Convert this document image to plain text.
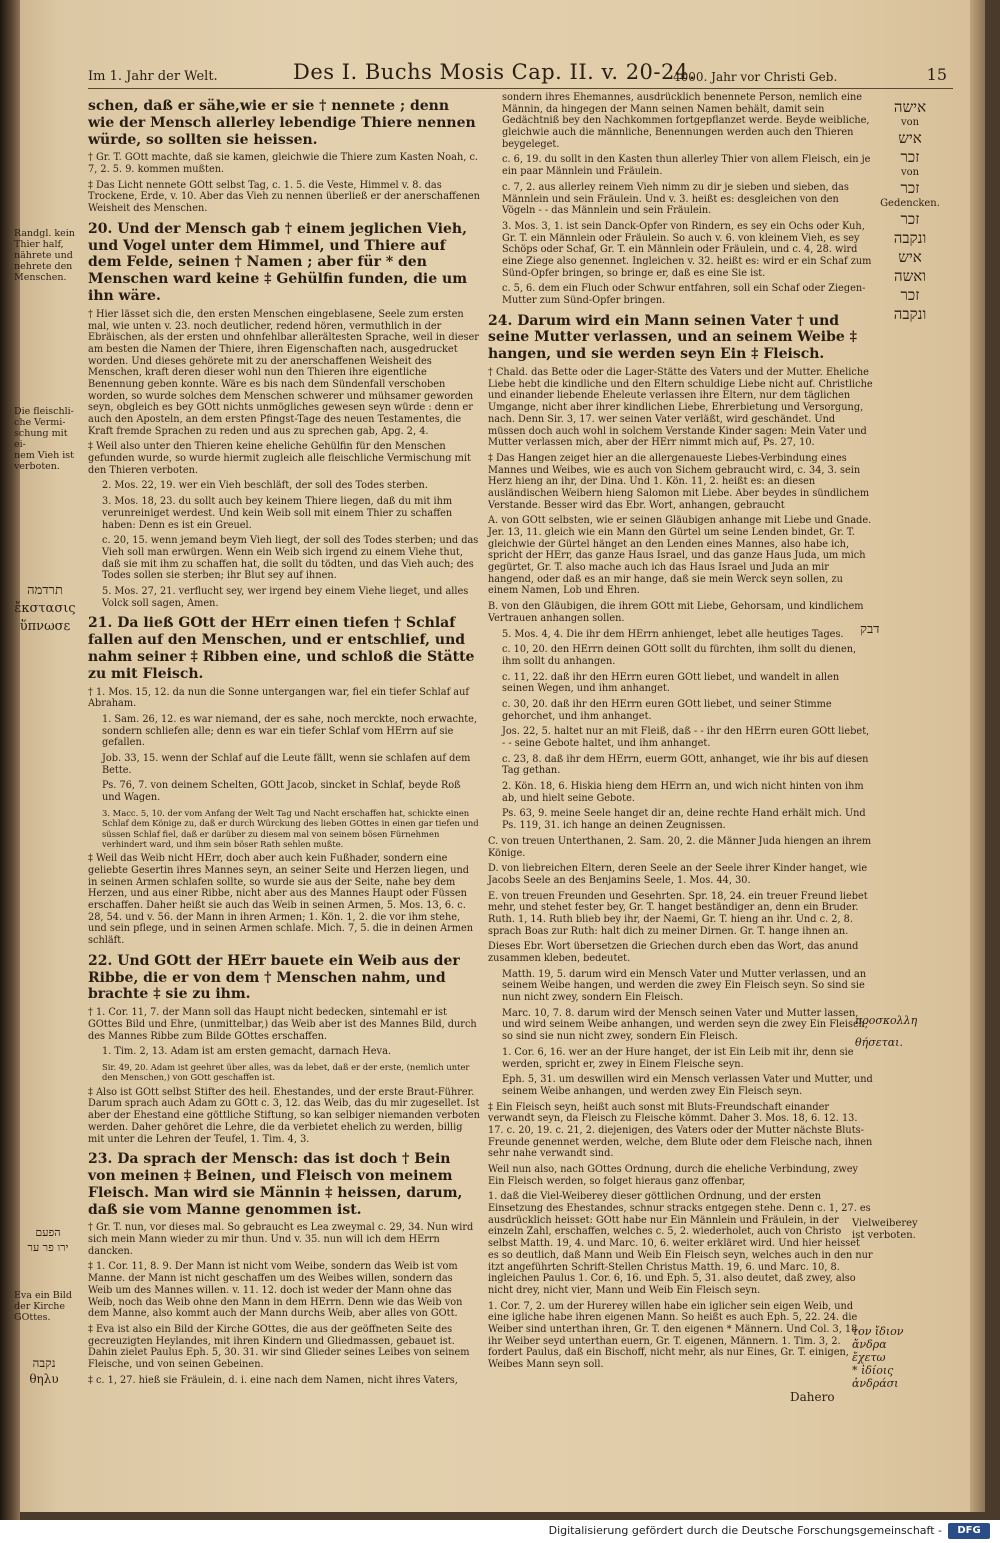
Im 1. Jahr der Welt.	Des I. Buchs Mosis Cap. II. v. 20-24.
4000. Jahr vor Christi Geb.	15

schen, daß er sähe,wie er sie † nennete ; denn wie der Mensch allerley lebendige Thiere nennen würde, so sollten sie heissen.

† Gr. T. GOtt machte, daß sie kamen, gleichwie die Thiere zum Kasten Noah, c. 7, 2. 5. 9. kommen mußten.

‡ Das Licht nennete GOtt selbst Tag, c. 1. 5. die Veste, Himmel v. 8. das Trockene, Erde, v. 10. Aber das Vieh zu nennen überließ er der anerschaffenen Weisheit des Menschen.

20. Und der Mensch gab † einem jeglichen Vieh, und Vogel unter dem Himmel, und Thiere auf dem Felde, seinen † Namen ; aber für * den Menschen ward keine ‡ Gehülfin funden, die um ihn wäre.

† Hier lässet sich die, den ersten Menschen eingeblasene, Seele zum ersten mal, wie unten v. 23. noch deutlicher, redend hören, vermuthlich in der Ebräischen, als der ersten und ohnfehlbar allerältesten Sprache, weil in dieser am besten die Namen der Thiere, ihren Eigenschaften nach, ausgedrucket worden. Und dieses gehörete mit zu der anerschaffenen Weisheit des Menschen, kraft deren dieser wohl nun den Thieren ihre eigentliche Benennung geben konnte. Wäre es bis nach dem Sündenfall verschoben worden, so wurde solches dem Menschen schwerer und mühsamer geworden seyn, obgleich es bey GOtt nichts unmögliches gewesen seyn würde : denn er auch den Aposteln, an dem ersten Pfingst-Tage des neuen Testamentes, die Kraft fremde Sprachen zu reden und aus zu sprechen gab, Apg. 2, 4.

‡ Weil also unter den Thieren keine eheliche Gehülfin für den Menschen gefunden wurde, so wurde hiermit zugleich alle fleischliche Vermischung mit den Thieren verboten.

2. Mos. 22, 19. wer ein Vieh beschläft, der soll des Todes sterben.

3. Mos. 18, 23. du sollt auch bey keinem Thiere liegen, daß du mit ihm verunreiniget werdest. Und kein Weib soll mit einem Thier zu schaffen haben: Denn es ist ein Greuel.

c. 20, 15. wenn jemand beym Vieh liegt, der soll des Todes sterben; und das Vieh soll man erwürgen. Wenn ein Weib sich irgend zu einem Viehe thut, daß sie mit ihm zu schaffen hat, die sollt du tödten, und das Vieh auch; des Todes sollen sie sterben; ihr Blut sey auf ihnen.

5. Mos. 27, 21. verflucht sey, wer irgend bey einem Viehe lieget, und alles Volck soll sagen, Amen.

21. Da ließ GOtt der HErr einen tiefen † Schlaf fallen auf den Menschen, und er entschlief, und nahm seiner ‡ Ribben eine, und schloß die Stätte zu mit Fleisch.

† 1. Mos. 15, 12. da nun die Sonne untergangen war, fiel ein tiefer Schlaf auf Abraham.

1. Sam. 26, 12. es war niemand, der es sahe, noch merckte, noch erwachte, sondern schliefen alle; denn es war ein tiefer Schlaf vom HErrn auf sie gefallen.

Job. 33, 15. wenn der Schlaf auf die Leute fällt, wenn sie schlafen auf dem Bette.

Ps. 76, 7. von deinem Schelten, GOtt Jacob, sincket in Schlaf, beyde Roß und Wagen.

3. Macc. 5, 10. der vom Anfang der Welt Tag und Nacht erschaffen hat, schickte einen Schlaf dem Könige zu, daß er durch Würckung des lieben GOttes in einen gar tiefen und süssen Schlaf fiel, daß er darüber zu diesem mal von seinem bösen Fürnehmen verhindert ward, und ihm sein böser Rath sehlen mußte.

‡ Weil das Weib nicht HErr, doch aber auch kein Fußhader, sondern eine geliebte Gesertin ihres Mannes seyn, an seiner Seite und Herzen liegen, und in seinen Armen schlafen sollte, so wurde sie aus der Seite, nahe bey dem Herzen, und aus einer Ribbe, nicht aber aus des Mannes Haupt oder Füssen erschaffen. Daher heißt sie auch das Weib in seinen Armen, 5. Mos. 13, 6. c. 28, 54. und v. 56. der Mann in ihren Armen; 1. Kön. 1, 2. die vor ihm stehe, und sein pflege, und in seinen Armen schlafe. Mich. 7, 5. die in deinen Armen schläft.

22. Und GOtt der HErr bauete ein Weib aus der Ribbe, die er von dem † Menschen nahm, und brachte ‡ sie zu ihm.

† 1. Cor. 11, 7. der Mann soll das Haupt nicht bedecken, sintemahl er ist GOttes Bild und Ehre, (unmittelbar,) das Weib aber ist des Mannes Bild, durch des Mannes Ribbe zum Bilde GOttes erschaffen.

1. Tim. 2, 13. Adam ist am ersten gemacht, darnach Heva.

Sir. 49, 20. Adam ist geehret über alles, was da lebet, daß er der erste, (nemlich unter den Menschen,) von GOtt geschaffen ist.

‡ Also ist GOtt selbst Stifter des heil. Ehestandes, und der erste Braut-Führer. Darum sprach auch Adam zu GOtt c. 3, 12. das Weib, das du mir zugesellet. Ist aber der Ehestand eine göttliche Stiftung, so kan selbiger niemanden verboten werden. Daher gehöret die Lehre, die da verbietet ehelich zu werden, billig mit unter die Lehren der Teufel, 1. Tim. 4, 3.

23. Da sprach der Mensch: das ist doch † Bein von meinen ‡ Beinen, und Fleisch von meinem Fleisch. Man wird sie Männin ‡ heissen, darum, daß sie vom Manne genommen ist.

† Gr. T. nun, vor dieses mal. So gebraucht es Lea zweymal c. 29, 34. Nun wird sich mein Mann wieder zu mir thun. Und v. 35. nun will ich dem HErrn dancken.

‡ 1. Cor. 11, 8. 9. Der Mann ist nicht vom Weibe, sondern das Weib ist vom Manne. der Mann ist nicht geschaffen um des Weibes willen, sondern das Weib um des Mannes willen. v. 11. 12. doch ist weder der Mann ohne das Weib, noch das Weib ohne den Mann in dem HErrn. Denn wie das Weib von dem Manne, also kommt auch der Mann durchs Weib, aber alles von GOtt.

‡ Eva ist also ein Bild der Kirche GOttes, die aus der geöffneten Seite des gecreuzigten Heylandes, mit ihren Kindern und Gliedmassen, gebauet ist. Dahin zielet Paulus Eph. 5, 30. 31. wir sind Glieder seines Leibes von seinem Fleische, und von seinen Gebeinen.

‡ c. 1, 27. hieß sie Fräulein, d. i. eine nach dem Namen, nicht ihres Vaters,

sondern ihres Ehemannes, ausdrücklich benennete Person, nemlich eine Männin, da hingegen der Mann seinen Namen behält, damit sein Gedächtniß bey den Nachkommen fortgepflanzet werde. Beyde weibliche, gleichwie auch die männliche, Benennungen werden auch den Thieren beygeleget.

c. 6, 19. du sollt in den Kasten thun allerley Thier von allem Fleisch, ein je ein paar Männlein und Fräulein.

c. 7, 2. aus allerley reinem Vieh nimm zu dir je sieben und sieben, das Männlein und sein Fräulein. Und v. 3. heißt es: desgleichen von den Vögeln - - das Männlein und sein Fräulein.

3. Mos. 3, 1. ist sein Danck-Opfer von Rindern, es sey ein Ochs oder Kuh, Gr. T. ein Männlein oder Fräulein. So auch v. 6. von kleinem Vieh, es sey Schöps oder Schaf, Gr. T. ein Männlein oder Fräulein, und c. 4, 28. wird eine Ziege also genennet. Ingleichen v. 32. heißt es: wird er ein Schaf zum Sünd-Opfer bringen, so bringe er, daß es eine Sie ist.

c. 5, 6. dem ein Fluch oder Schwur entfahren, soll ein Schaf oder Ziegen-Mutter zum Sünd-Opfer bringen.

24. Darum wird ein Mann seinen Vater † und seine Mutter verlassen, und an seinem Weibe ‡ hangen, und sie werden seyn Ein ‡ Fleisch.

† Chald. das Bette oder die Lager-Stätte des Vaters und der Mutter. Eheliche Liebe hebt die kindliche und den Eltern schuldige Liebe nicht auf. Christliche und einander liebende Eheleute verlassen ihre Eltern, nur dem täglichen Umgange, nicht aber ihrer kindlichen Liebe, Ehrerbietung und Versorgung, nach. Denn Sir. 3, 17. wer seinen Vater verläßt, wird geschändet. Und müssen doch auch wohl in solchem Verstande Kinder sagen: Mein Vater und Mutter verlassen mich, aber der HErr nimmt mich auf, Ps. 27, 10.

‡ Das Hangen zeiget hier an die allergenaueste Liebes-Verbindung eines Mannes und Weibes, wie es auch von Sichem gebraucht wird, c. 34, 3. sein Herz hieng an ihr, der Dina. Und 1. Kön. 11, 2. heißt es: an diesen ausländischen Weibern hieng Salomon mit Liebe. Aber beydes in sündlichem Verstande. Besser wird das Ebr. Wort, anhangen, gebraucht

A. von GOtt selbsten, wie er seinen Gläubigen anhange mit Liebe und Gnade. Jer. 13, 11. gleich wie ein Mann den Gürtel um seine Lenden bindet, Gr. T. gleichwie der Gürtel hänget an den Lenden eines Mannes, also habe ich, spricht der HErr, das ganze Haus Israel, und das ganze Haus Juda, um mich gegürtet, Gr. T. also mache auch ich das Haus Israel und Juda an mir hangend, oder daß es an mir hange, daß sie mein Werck seyn sollen, zu einem Namen, Lob und Ehren.

B. von den Gläubigen, die ihrem GOtt mit Liebe, Gehorsam, und kindlichem Vertrauen anhangen sollen.

5. Mos. 4, 4. Die ihr dem HErrn anhienget, lebet alle heutiges Tages.

c. 10, 20. den HErrn deinen GOtt sollt du fürchten, ihm sollt du dienen, ihm sollt du anhangen.

c. 11, 22. daß ihr den HErrn euren GOtt liebet, und wandelt in allen seinen Wegen, und ihm anhanget.

c. 30, 20. daß ihr den HErrn euren GOtt liebet, und seiner Stimme gehorchet, und ihm anhanget.

Jos. 22, 5. haltet nur an mit Fleiß, daß - - ihr den HErrn euren GOtt liebet, - - seine Gebote haltet, und ihm anhanget.

c. 23, 8. daß ihr dem HErrn, euerm GOtt, anhanget, wie ihr bis auf diesen Tag gethan.

2. Kön. 18, 6. Hiskia hieng dem HErrn an, und wich nicht hinten von ihm ab, und hielt seine Gebote.

Ps. 63, 9. meine Seele hanget dir an, deine rechte Hand erhält mich. Und Ps. 119, 31. ich hange an deinen Zeugnissen.

C. von treuen Unterthanen, 2. Sam. 20, 2. die Männer Juda hiengen an ihrem Könige.

D. von liebreichen Eltern, deren Seele an der Seele ihrer Kinder hanget, wie Jacobs Seele an des Benjamins Seele, 1. Mos. 44, 30.

E. von treuen Freunden und Gesehrten. Spr. 18, 24. ein treuer Freund liebet mehr, und stehet fester bey, Gr. T. hanget beständiger an, denn ein Bruder. Ruth. 1, 14. Ruth blieb bey ihr, der Naemi, Gr. T. hieng an ihr. Und c. 2, 8. sprach Boas zur Ruth: halt dich zu meiner Dirnen. Gr. T. hange ihnen an.

Dieses Ebr. Wort übersetzen die Griechen durch eben das Wort, das anund zusammen kleben, bedeutet.

Matth. 19, 5. darum wird ein Mensch Vater und Mutter verlassen, und an seinem Weibe hangen, und werden die zwey Ein Fleisch seyn. So sind sie nun nicht zwey, sondern Ein Fleisch.

Marc. 10, 7. 8. darum wird der Mensch seinen Vater und Mutter lassen, und wird seinem Weibe anhangen, und werden seyn die zwey Ein Fleisch; so sind sie nun nicht zwey, sondern Ein Fleisch.

1. Cor. 6, 16. wer an der Hure hanget, der ist Ein Leib mit ihr, denn sie werden, spricht er, zwey in Einem Fleische seyn.

Eph. 5, 31. um deswillen wird ein Mensch verlassen Vater und Mutter, und seinem Weibe anhangen, und werden zwey Ein Fleisch seyn.

‡ Ein Fleisch seyn, heißt auch sonst mit Bluts-Freundschaft einander verwandt seyn, da Fleisch zu Fleische kömmt. Daher 3. Mos. 18, 6. 12. 13. 17. c. 20, 19. c. 21, 2. diejenigen, des Vaters oder der Mutter nächste Bluts-Freunde genennet werden, welche, dem Blute oder dem Fleische nach, ihnen sehr nahe verwandt sind.

Weil nun also, nach GOttes Ordnung, durch die eheliche Verbindung, zwey Ein Fleisch werden, so folget hieraus ganz offenbar,

1. daß die Viel-Weiberey dieser göttlichen Ordnung, und der ersten Einsetzung des Ehestandes, schnur stracks entgegen stehe. Denn c. 1, 27. es ausdrücklich heisset: GOtt habe nur Ein Männlein und Fräulein, in der einzeln Zahl, erschaffen, welches c. 5, 2. wiederholet, auch von Christo selbst Matth. 19, 4. und Marc. 10, 6. weiter erkläret wird. Und hier heisset es so deutlich, daß Mann und Weib Ein Fleisch seyn, welches auch in den nur itzt angeführten Schrift-Stellen Christus Matth. 19, 6. und Marc. 10, 8. ingleichen Paulus 1. Cor. 6, 16. und Eph. 5, 31. also deutet, daß zwey, also nicht drey, nicht vier, Mann und Weib Ein Fleisch seyn.

1. Cor. 7, 2. um der Hurerey willen habe ein iglicher sein eigen Weib, und eine igliche habe ihren eigenen Mann. So heißt es auch Eph. 5, 22. 24. die Weiber sind unterthan ihren, Gr. T. den eigenen * Männern. Und Col. 3, 18. ihr Weiber seyd unterthan euern, Gr. T. eigenen, Männern. 1. Tim. 3, 2. fordert Paulus, daß ein Bischoff, nicht mehr, als nur Eines, Gr. T. einigen, Weibes Mann seyn soll.

אישה
von
איש
זכר
von
זכר
Gedencken.
זכר
ונקבה
איש
ואשה
זכר
ונקבה
Randgl. kein
Thier half,
nährete und
nehrete den
Menschen.
Die fleischli-
che Vermi-
schung mit ei-
nem Vieh ist
verboten.
תרדמה
ἔκστασις
ὕπνωσε
הפעם
ירו פר ער
Eva ein Bild
der Kirche
GOttes.
נקבה
θηλυ
דבק
προσκολλη
θήσεται.
Vielweiberey
ist verboten.
τον ἴδιον
ἄνδρα
ἔχετω
* ἰδίοις
ἀνδράσι
Dahero
Digitalisierung gefördert durch die Deutsche Forschungsgemeinschaft -	DFG
